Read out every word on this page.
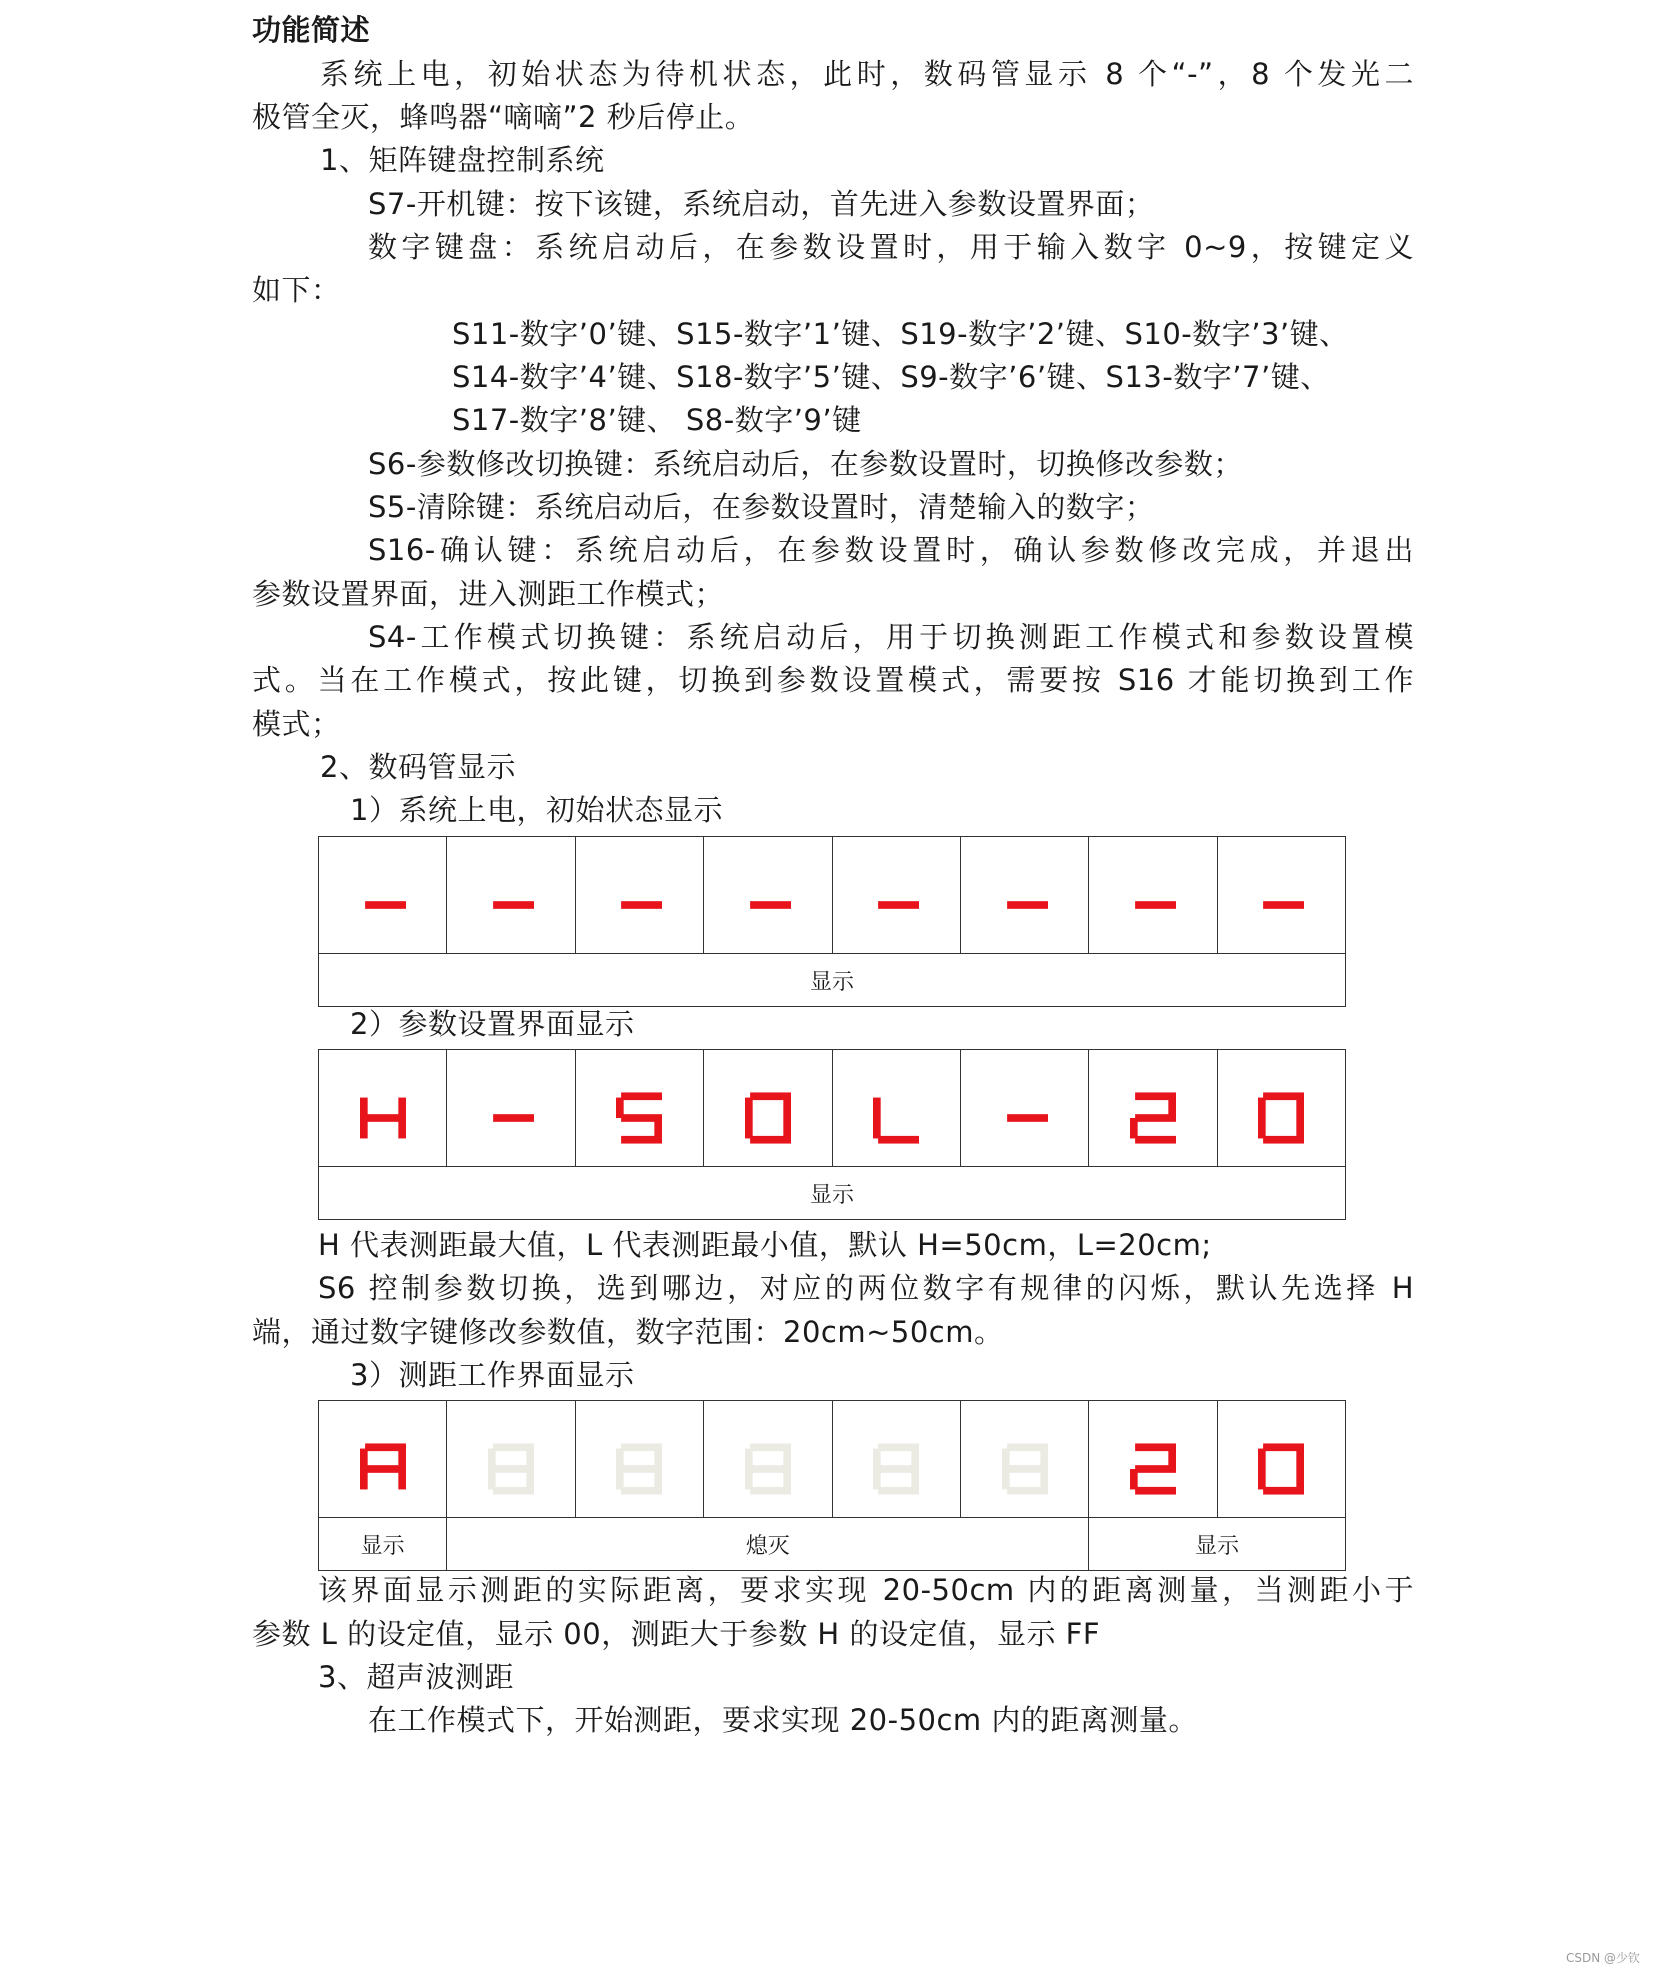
功能简述
系统上电，初始状态为待机状态，此时，数码管显示 8 个“-”，8 个发光二
极管全灭，蜂鸣器“嘀嘀”2 秒后停止。
1、矩阵键盘控制系统
S7-开机键：按下该键，系统启动，首先进入参数设置界面；
数字键盘：系统启动后，在参数设置时，用于输入数字 0~9，按键定义
如下：
S11-数字’0’键、S15-数字’1’键、S19-数字’2’键、S10-数字’3’键、
S14-数字’4’键、S18-数字’5’键、S9-数字’6’键、S13-数字’7’键、
S17-数字’8’键、 S8-数字’9’键
S6-参数修改切换键：系统启动后，在参数设置时，切换修改参数；
S5-清除键：系统启动后，在参数设置时，清楚输入的数字；
S16-确认键：系统启动后，在参数设置时，确认参数修改完成，并退出
参数设置界面，进入测距工作模式；
S4-工作模式切换键：系统启动后，用于切换测距工作模式和参数设置模
式。当在工作模式，按此键，切换到参数设置模式，需要按 S16 才能切换到工作
模式；
2、数码管显示
1）系统上电，初始状态显示

显示
2）参数设置界面显示

显示
H 代表测距最大值，L 代表测距最小值，默认 H=50cm，L=20cm;
S6 控制参数切换，选到哪边，对应的两位数字有规律的闪烁，默认先选择 H
端，通过数字键修改参数值，数字范围：20cm~50cm。
3）测距工作界面显示

显示	熄灭					显示	
该界面显示测距的实际距离，要求实现 20-50cm 内的距离测量，当测距小于
参数 L 的设定值，显示 00，测距大于参数 H 的设定值，显示 FF
3、超声波测距
在工作模式下，开始测距，要求实现 20-50cm 内的距离测量。
CSDN @少钦
